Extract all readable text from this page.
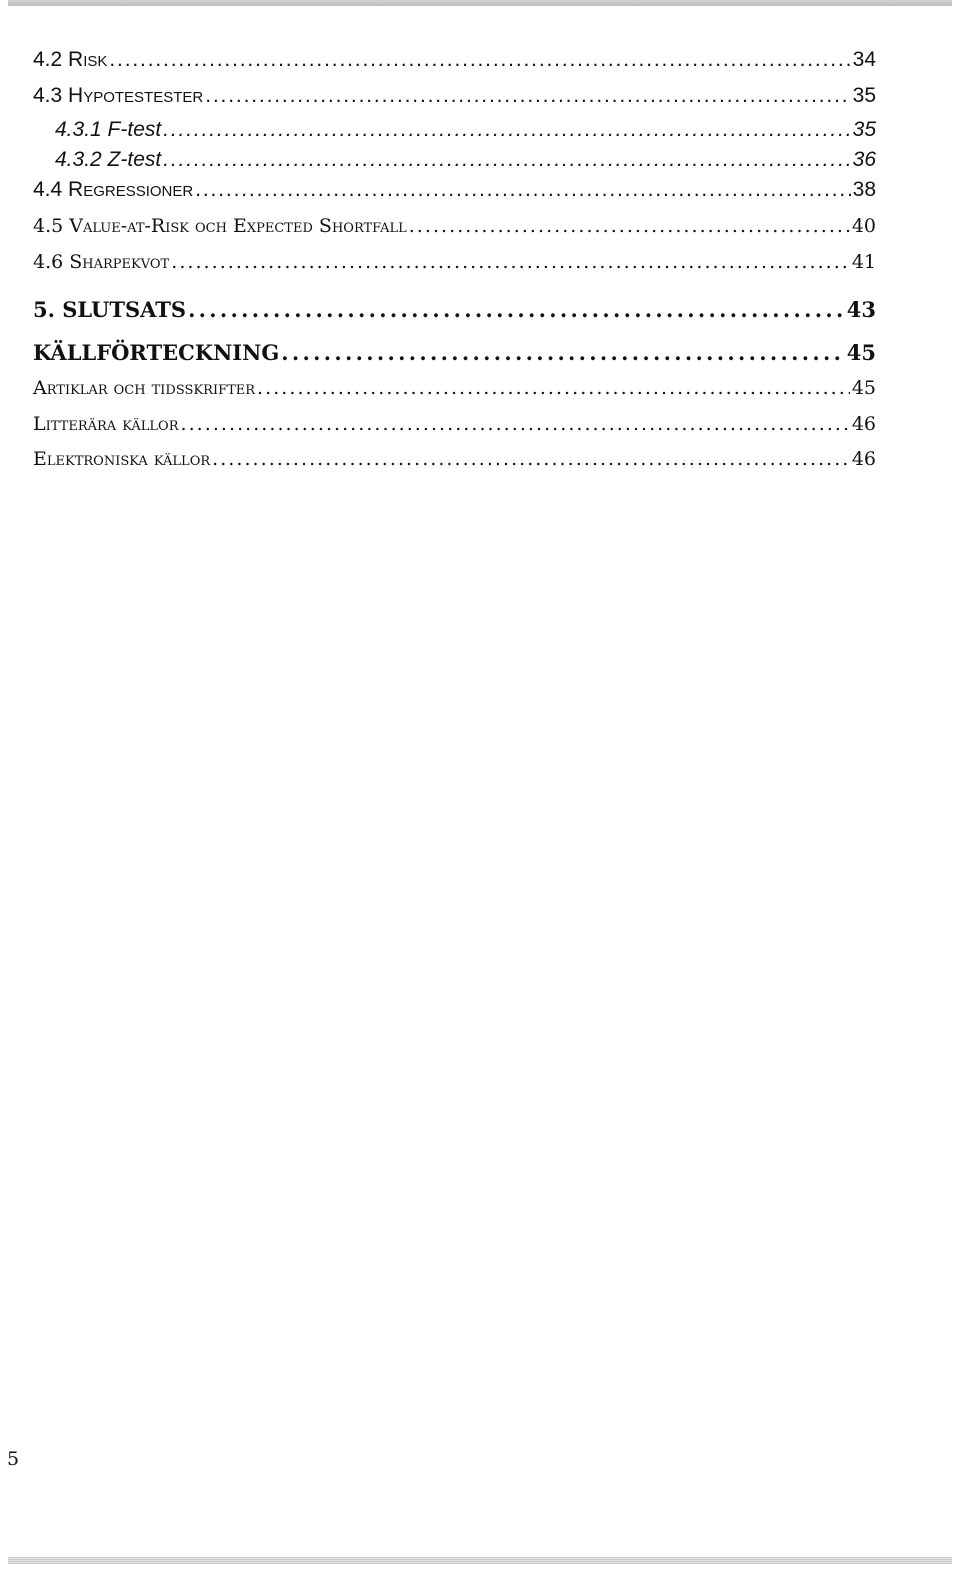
4.2 Risk . . .	34
4.3 Hypotestester . . .	35
4.3.1 F-test . . .	35
4.3.2 Z-test . . .	36
4.4 Regressioner . . .	38
4.5 Value-at-Risk och Expected Shortfall . . .	40
4.6 Sharpekvot . . .	41
5. SLUTSATS . . .	43
KÄLLFÖRTECKNING . . .	45
Artiklar och tidsskrifter . . .	45
Litterära källor . . .	46
Elektroniska källor . . .	46
5
